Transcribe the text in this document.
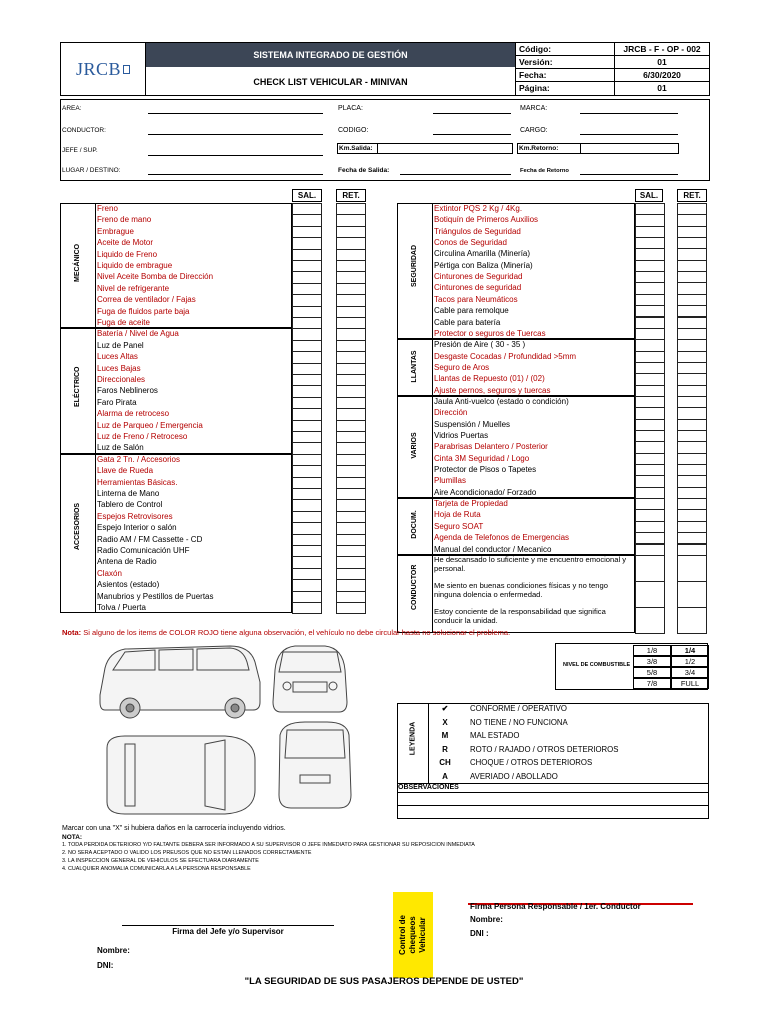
JRCB
SISTEMA INTEGRADO DE GESTIÓN
CHECK LIST VEHICULAR - MINIVAN
Código:	JRCB - F - OP - 002
Versión:	01
Fecha:	6/30/2020
Página:	01
AREA:	PLACA:	MARCA:
CONDUCTOR:	CODIGO:	CARGO:
JEFE / SUP.	Km.Salida:	Km.Retorno:
LUGAR / DESTINO:	Fecha de Salida:	Fecha de Retorno
SAL.	RET.	SAL.	RET.
MECÁNICO
Freno
Freno de mano
Embrague
Aceite de Motor
Liquido de Freno
Liquido de embrague
Nivel Aceite Bomba de Dirección
Nivel de refrigerante
Correa de ventilador / Fajas
Fuga de fluidos parte baja
Fuga de aceite
ELÉCTRICO
Batería / Nivel de Agua
Luz de Panel
Luces Altas
Luces Bajas
Direccionales
Faros Neblineros
Faro Pirata
Alarma de retroceso
Luz de Parqueo / Emergencia
Luz de Freno / Retroceso
Luz de Salón
ACCESORIOS
Gata 2 Tn. / Accesorios
Llave de Rueda
Herramientas Básicas.
Linterna de Mano
Tablero de Control
Espejos Retrovisores
Espejo Interior o salón
Radio AM / FM Cassette - CD
Radio Comunicación UHF
Antena de Radio
Claxón
Asientos (estado)
Manubrios y Pestillos de Puertas
Tolva / Puerta
SEGURIDAD
Extintor PQS 2 Kg / 4Kg.
Botiquín de Primeros Auxilios
Triángulos de Seguridad
Conos de Seguridad
Circulina Amarilla (Minería)
Pértiga con Baliza (Minería)
Cinturones de Seguridad
Cinturones de seguridad
Tacos para Neumáticos
Cable para remolque
Cable para batería
Protector o seguros de Tuercas
LLANTAS
Presión de Aire ( 30 - 35 )
Desgaste Cocadas / Profundidad >5mm
Seguro de Aros
Llantas de Repuesto (01) / (02)
Ajuste pernos, seguros y tuercas
VARIOS
Jaula Anti-vuelco (estado o condición)
Dirección
Suspensión / Muelles
Vidrios Puertas
Parabrisas Delantero / Posterior
Cinta 3M Seguridad / Logo
Protector de Pisos o Tapetes
Plumillas
Aire Acondicionado/ Forzado
DOCUM.
Tarjeta de Propiedad
Hoja de Ruta
Seguro SOAT
Agenda de Telefonos de Emergencias
Manual del conductor / Mecanico
CONDUCTOR
He descansado lo suficiente y me encuentro emocional y personal.
Me siento en buenas condiciones físicas y no tengo ninguna dolencia o enfermedad.
Estoy conciente de la responsabilidad que significa conducir la unidad.
Nota: Si alguno de los items de COLOR ROJO tiene alguna observación, el vehículo no debe circular hasta no solucionar el problema.
NIVEL DE COMBUSTIBLE
1/8	1/4
3/8	1/2
5/8	3/4
7/8	FULL
LEYENDA
✔	CONFORME / OPERATIVO
X	NO TIENE / NO FUNCIONA
M	MAL ESTADO
R	ROTO / RAJADO / OTROS DETERIOROS
CH	CHOQUE / OTROS DETERIOROS
A	AVERIADO / ABOLLADO
OBSERVACIONES
Marcar con una "X" si hubiera daños en la carrocería incluyendo vidrios.
NOTA:
1. TODA PERDIDA DETERIORO Y/O FALTANTE DEBERA SER INFORMADO A SU SUPERVISOR O JEFE INMEDIATO PARA GESTIONAR SU REPOSICION INMEDIATA
2. NO SERA ACEPTADO O VALIDO LOS PREUSOS QUE NO ESTAN LLENADOS CORRECTAMENTE
3. LA INSPECCION GENERAL DE VEHICULOS SE EFECTUARA DIARIAMENTE
4. CUALQUIER ANOMALIA COMUNICARLA A LA PERSONA RESPONSABLE
Firma del Jefe y/o Supervisor
Nombre:
DNI:
Control de chequeos Vehicular
Firma Persona Responsable / 1er. Conductor
Nombre:
DNI :
"LA SEGURIDAD DE SUS PASAJEROS DEPENDE DE USTED"
